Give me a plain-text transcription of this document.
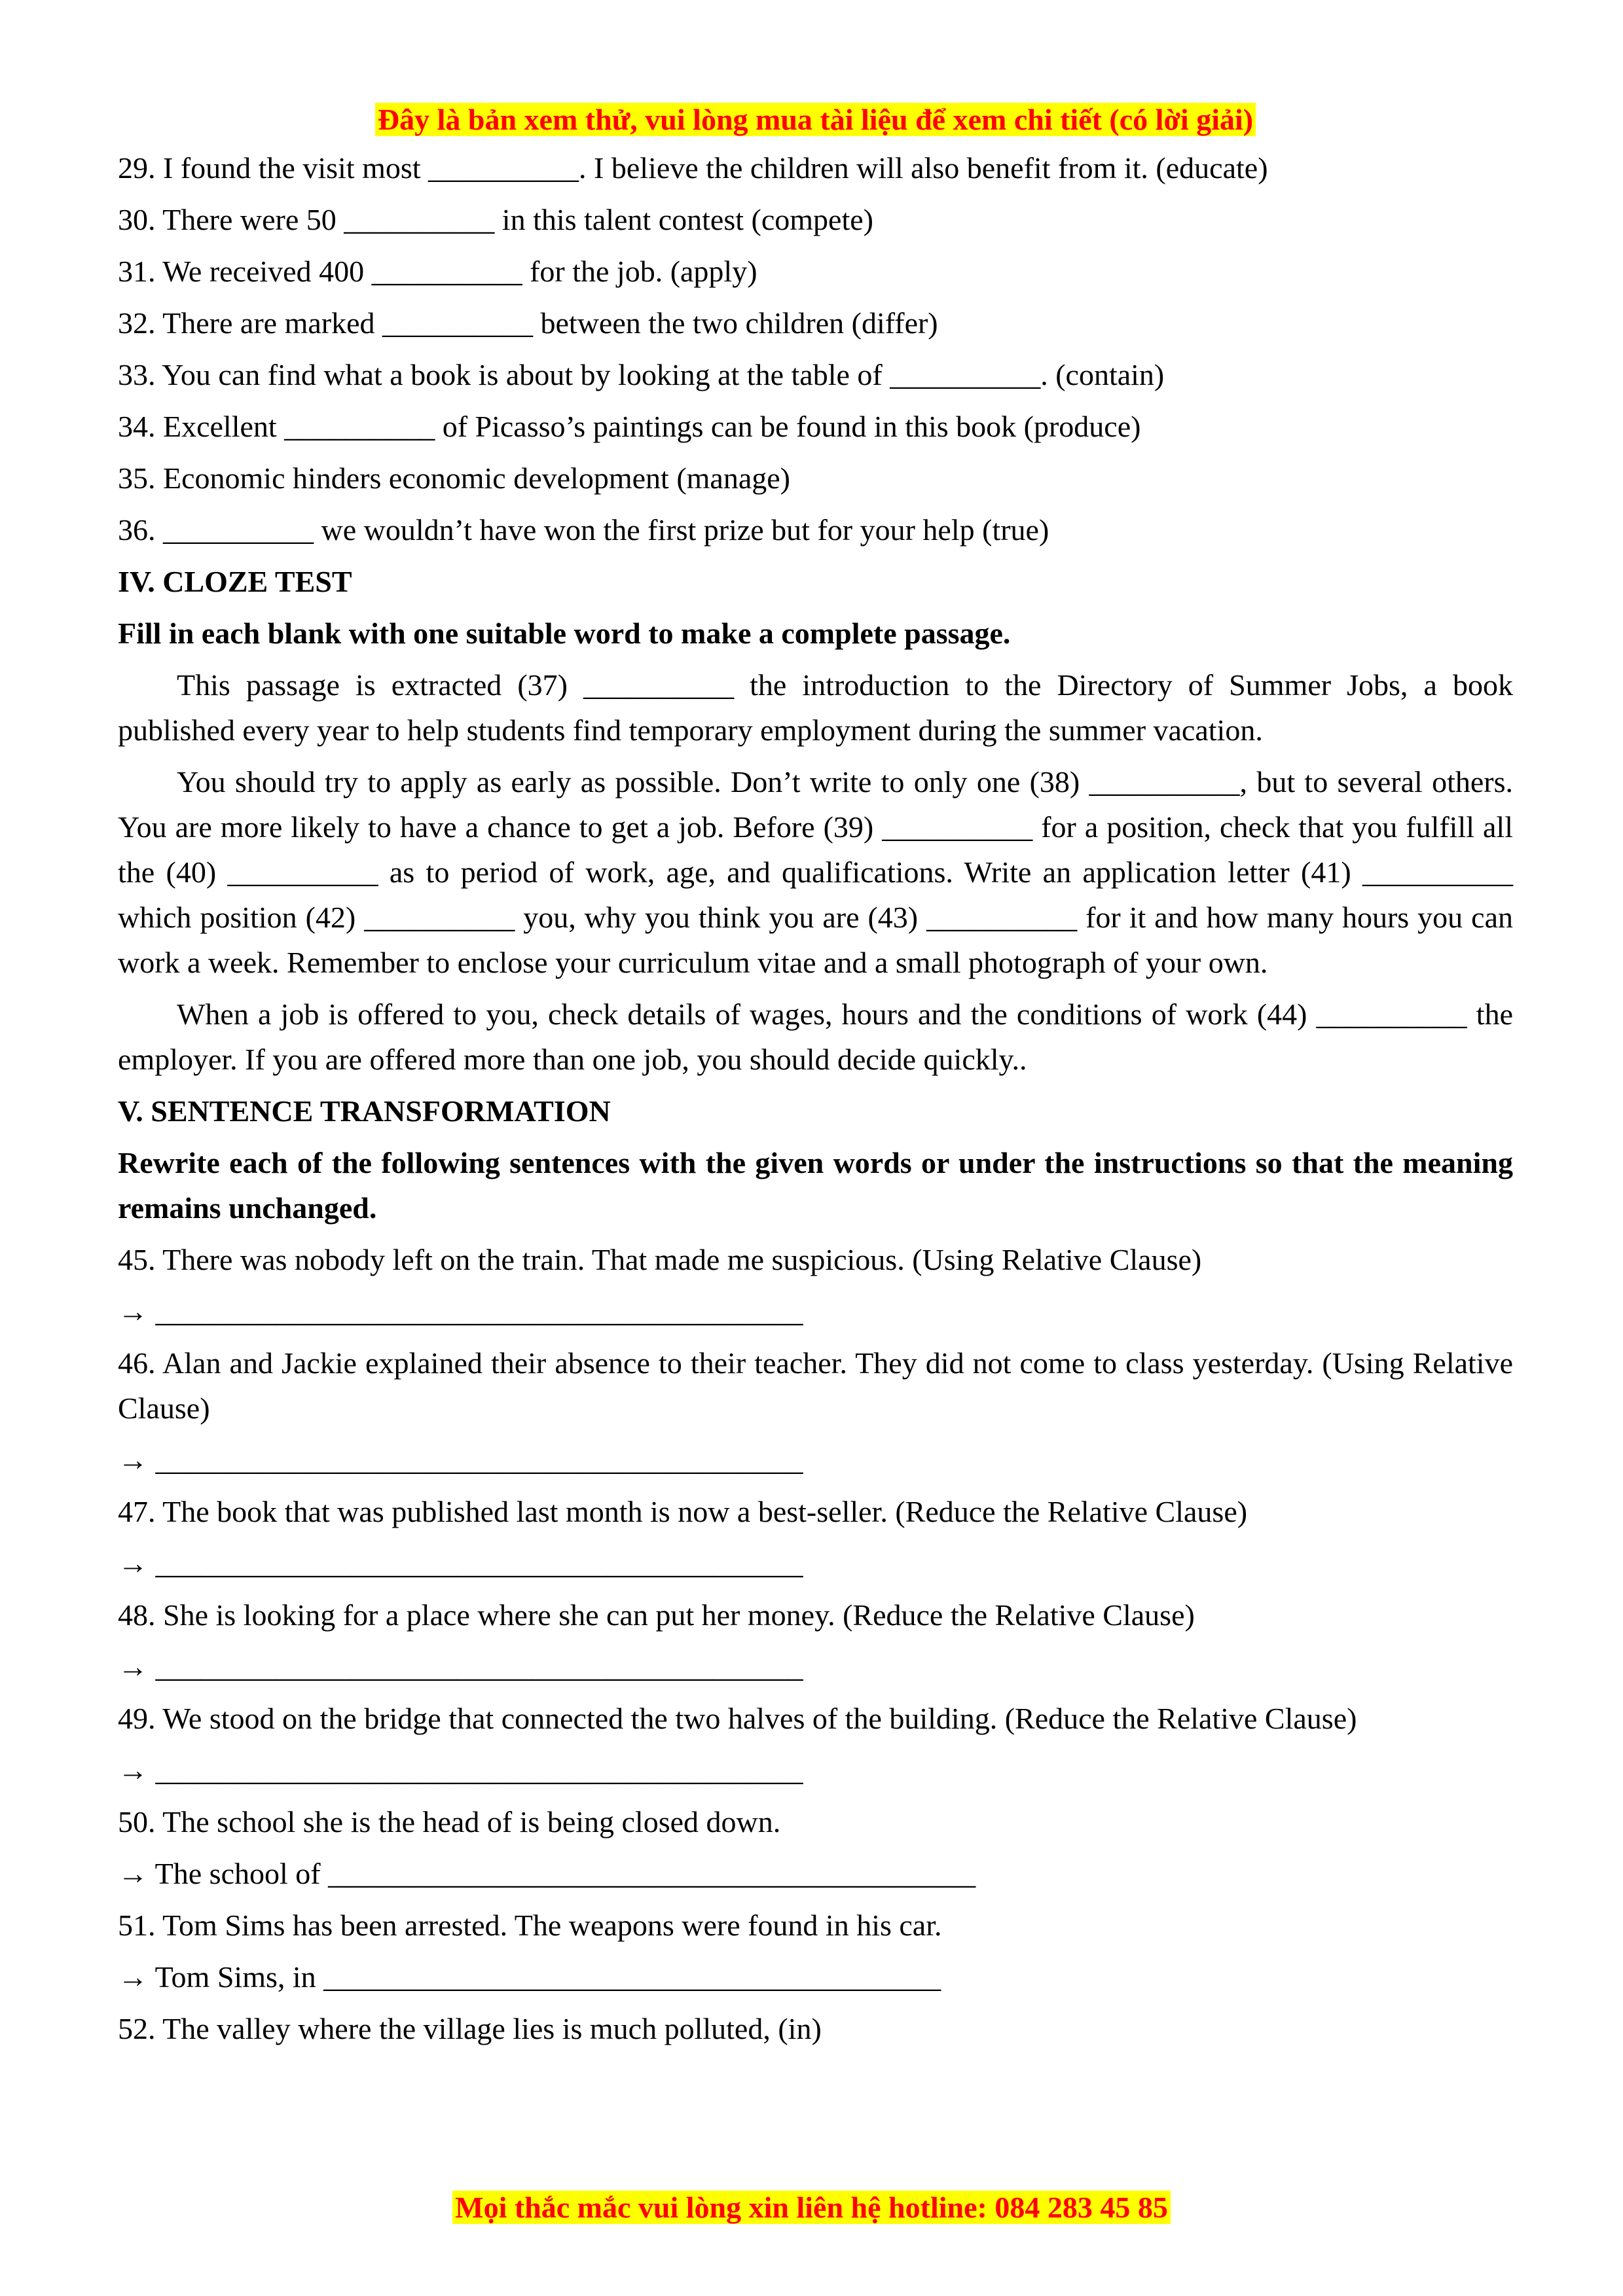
Đây là bản xem thử, vui lòng mua tài liệu để xem chi tiết (có lời giải)
29. I found the visit most __________. I believe the children will also benefit from it. (educate)
30. There were 50 __________ in this talent contest (compete)
31. We received 400 __________ for the job. (apply)
32. There are marked __________ between the two children (differ)
33. You can find what a book is about by looking at the table of __________. (contain)
34. Excellent __________ of Picasso’s paintings can be found in this book (produce)
35. Economic hinders economic development (manage)
36. __________ we wouldn’t have won the first prize but for your help (true)
IV. CLOZE TEST
Fill in each blank with one suitable word to make a complete passage.
This passage is extracted (37) __________ the introduction to the Directory of Summer Jobs, a book published every year to help students find temporary employment during the summer vacation.
You should try to apply as early as possible. Don’t write to only one (38) __________, but to several others. You are more likely to have a chance to get a job. Before (39) __________ for a position, check that you fulfill all the (40) __________ as to period of work, age, and qualifications. Write an application letter (41) __________ which position (42) __________ you, why you think you are (43) __________ for it and how many hours you can work a week. Remember to enclose your curriculum vitae and a small photograph of your own.
When a job is offered to you, check details of wages, hours and the conditions of work (44) __________ the employer. If you are offered more than one job, you should decide quickly..
V. SENTENCE TRANSFORMATION
Rewrite each of the following sentences with the given words or under the instructions so that the meaning remains unchanged.
45. There was nobody left on the train. That made me suspicious. (Using Relative Clause)
→ ___________________________________________
46. Alan and Jackie explained their absence to their teacher. They did not come to class yesterday. (Using Relative Clause)
→ ___________________________________________
47. The book that was published last month is now a best-seller. (Reduce the Relative Clause)
→ ___________________________________________
48. She is looking for a place where she can put her money. (Reduce the Relative Clause)
→ ___________________________________________
49. We stood on the bridge that connected the two halves of the building. (Reduce the Relative Clause)
→ ___________________________________________
50. The school she is the head of is being closed down.
→ The school of ___________________________________________
51. Tom Sims has been arrested. The weapons were found in his car.
→ Tom Sims, in _________________________________________
52. The valley where the village lies is much polluted, (in)
Mọi thắc mắc vui lòng xin liên hệ hotline: 084 283 45 85
